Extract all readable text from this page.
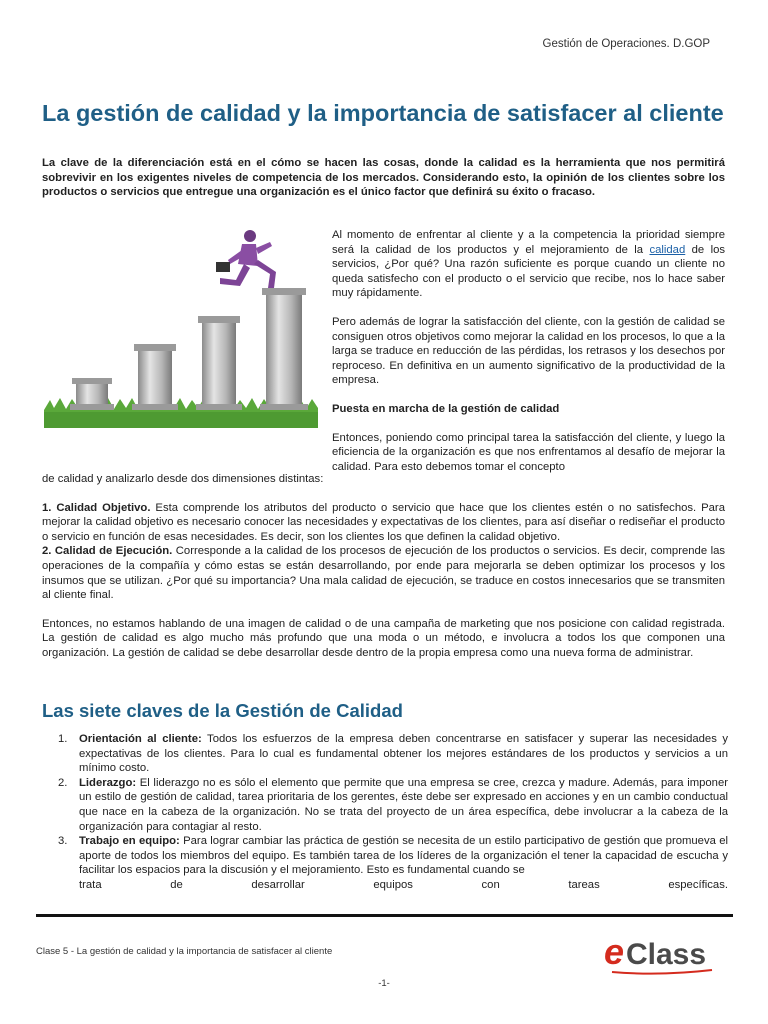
Gestión de Operaciones. D.GOP
La gestión de calidad y la importancia de satisfacer al cliente

La clave de la diferenciación está en el cómo se hacen las cosas, donde la calidad es la herramienta que nos permitirá sobrevivir en los exigentes niveles de competencia de los mercados. Considerando esto, la opinión de los clientes sobre los productos o servicios que entregue una organización es el único factor que definirá su éxito o fracaso.

Al momento de enfrentar al cliente y a la competencia la prioridad siempre será la calidad de los productos y el mejoramiento de la calidad de los servicios, ¿Por qué? Una razón suficiente es porque cuando un cliente no queda satisfecho con el producto o el servicio que recibe, nos lo hace saber muy rápidamente.

Pero además de lograr la satisfacción del cliente, con la gestión de calidad se consiguen otros objetivos como mejorar la calidad en los procesos, lo que a la larga se traduce en reducción de las pérdidas, los retrasos y los desechos por reproceso. En definitiva en un aumento significativo de la productividad de la empresa.

Puesta en marcha de la gestión de calidad

Entonces, poniendo como principal tarea la satisfacción del cliente, y luego la eficiencia de la organización es que nos enfrentamos al desafío de mejorar la calidad. Para esto debemos tomar el concepto

de calidad y analizarlo desde dos dimensiones distintas:

1. Calidad Objetivo. Esta comprende los atributos del producto o servicio que hace que los clientes estén o no satisfechos. Para mejorar la calidad objetivo es necesario conocer las necesidades y expectativas de los clientes, para así diseñar o rediseñar el producto o servicio en función de esas necesidades. Es decir, son los clientes los que definen la calidad objetivo.

2. Calidad de Ejecución. Corresponde a la calidad de los procesos de ejecución de los productos o servicios. Es decir, comprende las operaciones de la compañía y cómo estas se están desarrollando, por ende para mejorarla se deben optimizar los procesos y los insumos que se utilizan. ¿Por qué su importancia? Una mala calidad de ejecución, se traduce en costos innecesarios que se transmiten al cliente final.

Entonces, no estamos hablando de una imagen de calidad o de una campaña de marketing que nos posicione con calidad registrada. La gestión de calidad es algo mucho más profundo que una moda o un método, e involucra a todos los que componen una organización. La gestión de calidad se debe desarrollar desde dentro de la propia empresa como una nueva forma de administrar.

Las siete claves de la Gestión de Calidad
1. Orientación al cliente: Todos los esfuerzos de la empresa deben concentrarse en satisfacer y superar las necesidades y expectativas de los clientes. Para lo cual es fundamental obtener los mejores estándares de los productos y servicios a un mínimo costo.

2. Liderazgo: El liderazgo no es sólo el elemento que permite que una empresa se cree, crezca y madure. Además, para imponer un estilo de gestión de calidad, tarea prioritaria de los gerentes, éste debe ser expresado en acciones y en un cambio conductual que nace en la cabeza de la organización. No se trata del proyecto de un área específica, debe involucrar a la cabeza de la organización para contagiar al resto.

3. Trabajo en equipo: Para lograr cambiar las práctica de gestión se necesita de un estilo participativo de gestión que promueva el aporte de todos los miembros del equipo. Es también tarea de los líderes de la organización el tener la capacidad de escucha y facilitar los espacios para la discusión y el mejoramiento. Esto es fundamental cuando se

trata de desarrollar equipos con tareas específicas.

Clase 5 - La gestión de calidad y la importancia de satisfacer al cliente	e Class
-1-
